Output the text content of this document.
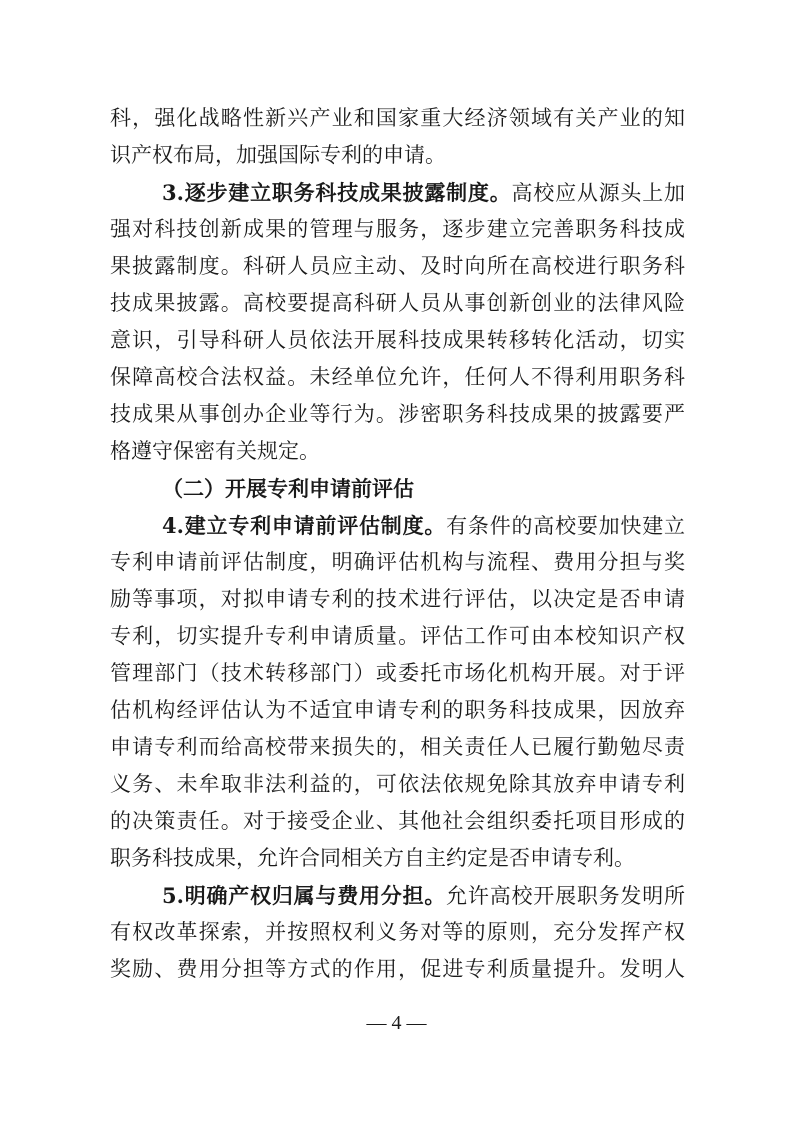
科，强化战略性新兴产业和国家重大经济领域有关产业的知
识产权布局，加强国际专利的申请。
3.逐步建立职务科技成果披露制度。高校应从源头上加
强对科技创新成果的管理与服务，逐步建立完善职务科技成
果披露制度。科研人员应主动、及时向所在高校进行职务科
技成果披露。高校要提高科研人员从事创新创业的法律风险
意识，引导科研人员依法开展科技成果转移转化活动，切实
保障高校合法权益。未经单位允许，任何人不得利用职务科
技成果从事创办企业等行为。涉密职务科技成果的披露要严
格遵守保密有关规定。
（二）开展专利申请前评估
4.建立专利申请前评估制度。有条件的高校要加快建立
专利申请前评估制度，明确评估机构与流程、费用分担与奖
励等事项，对拟申请专利的技术进行评估，以决定是否申请
专利，切实提升专利申请质量。评估工作可由本校知识产权
管理部门（技术转移部门）或委托市场化机构开展。对于评
估机构经评估认为不适宜申请专利的职务科技成果，因放弃
申请专利而给高校带来损失的，相关责任人已履行勤勉尽责
义务、未牟取非法利益的，可依法依规免除其放弃申请专利
的决策责任。对于接受企业、其他社会组织委托项目形成的
职务科技成果，允许合同相关方自主约定是否申请专利。
5.明确产权归属与费用分担。允许高校开展职务发明所
有权改革探索，并按照权利义务对等的原则，充分发挥产权
奖励、费用分担等方式的作用，促进专利质量提升。发明人
— 4 —
